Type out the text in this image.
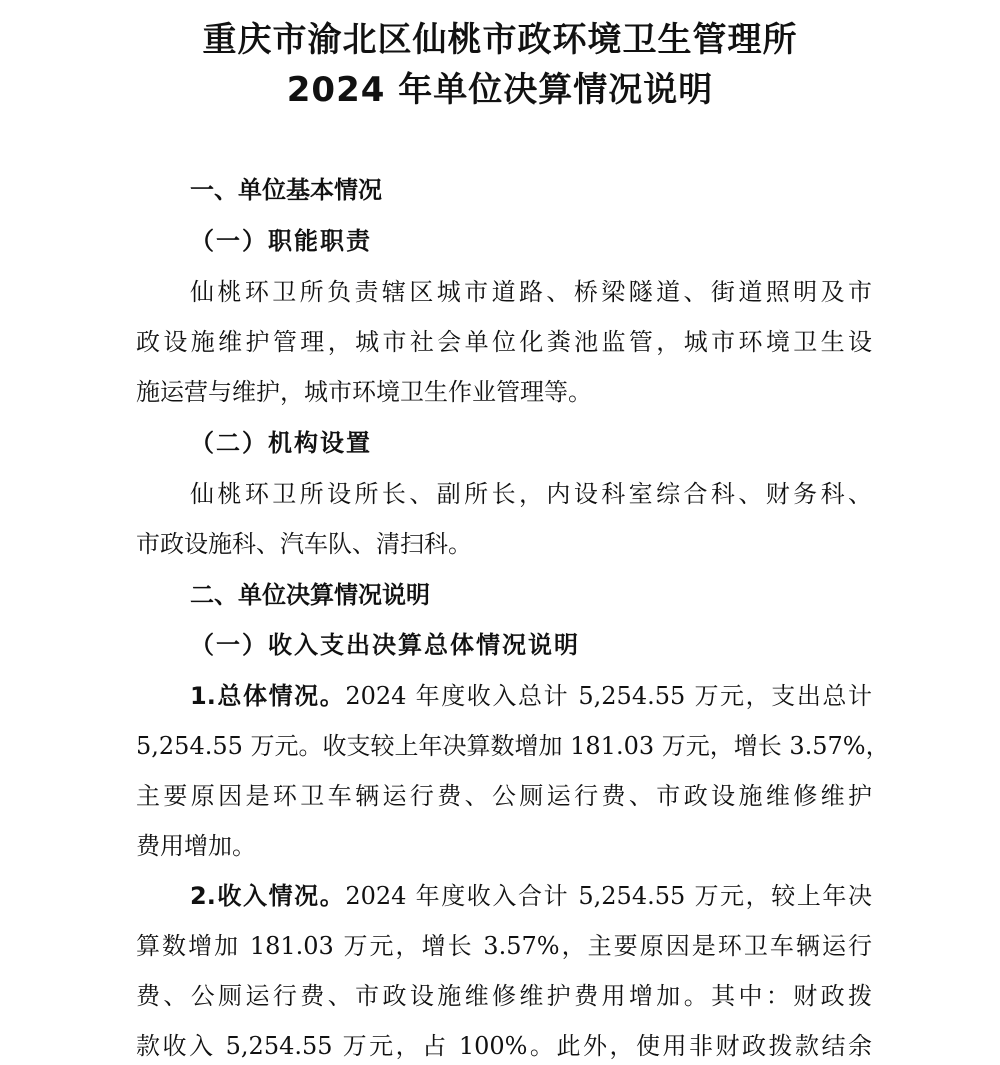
重庆市渝北区仙桃市政环境卫生管理所
2024 年单位决算情况说明
一、单位基本情况
（一）职能职责

仙桃环卫所负责辖区城市道路、桥梁隧道、街道照明及市

政设施维护管理，城市社会单位化粪池监管，城市环境卫生设

施运营与维护，城市环境卫生作业管理等。

（二）机构设置

仙桃环卫所设所长、副所长，内设科室综合科、财务科、

市政设施科、汽车队、清扫科。

二、单位决算情况说明
（一）收入支出决算总体情况说明

1.总体情况。2024 年度收入总计 5,254.55 万元，支出总计

5,254.55 万元。收支较上年决算数增加 181.03 万元，增长 3.57%，

主要原因是环卫车辆运行费、公厕运行费、市政设施维修维护

费用增加。

2.收入情况。2024 年度收入合计 5,254.55 万元，较上年决

算数增加 181.03 万元，增长 3.57%，主要原因是环卫车辆运行

费、公厕运行费、市政设施维修维护费用增加。其中：财政拨

款收入 5,254.55 万元，占 100%。此外，使用非财政拨款结余
